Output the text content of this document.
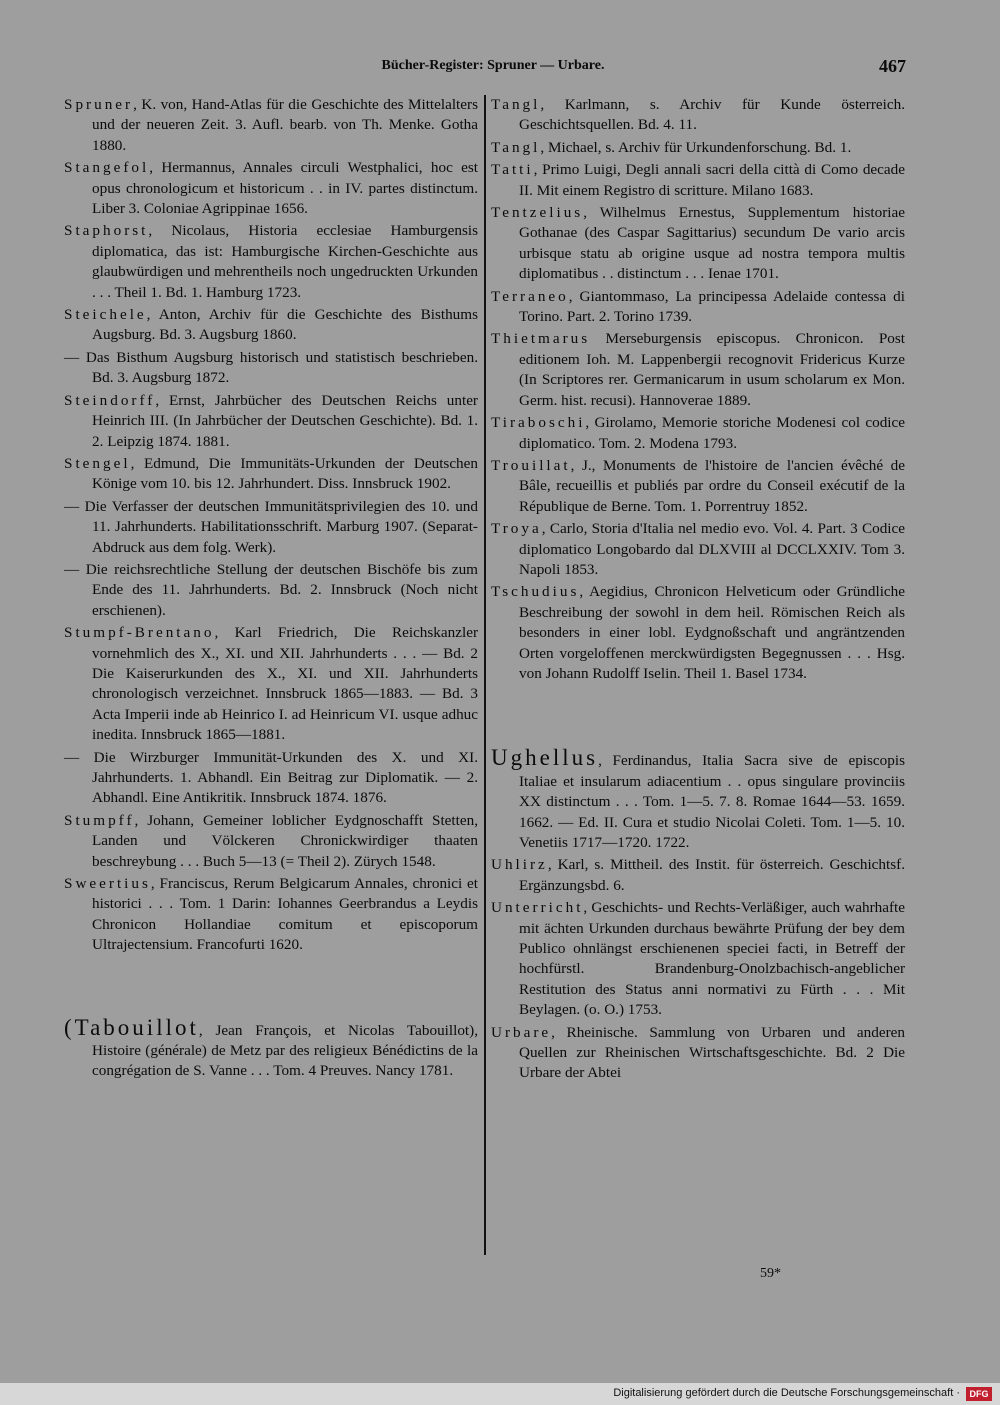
Bücher-Register: Spruner — Urbare.	467

Spruner, K. von, Hand-Atlas für die Geschichte des Mittelalters und der neueren Zeit. 3. Aufl. bearb. von Th. Menke. Gotha 1880.

Stangefol, Hermannus, Annales circuli Westphalici, hoc est opus chronologicum et historicum . . in IV. partes distinctum. Liber 3. Coloniae Agrippinae 1656.

Staphorst, Nicolaus, Historia ecclesiae Hamburgensis diplomatica, das ist: Hamburgische Kirchen-Geschichte aus glaubwürdigen und mehrentheils noch ungedruckten Urkunden . . . Theil 1. Bd. 1. Hamburg 1723.

Steichele, Anton, Archiv für die Geschichte des Bisthums Augsburg. Bd. 3. Augsburg 1860.

— Das Bisthum Augsburg historisch und statistisch beschrieben. Bd. 3. Augsburg 1872.

Steindorff, Ernst, Jahrbücher des Deutschen Reichs unter Heinrich III. (In Jahrbücher der Deutschen Geschichte). Bd. 1. 2. Leipzig 1874. 1881.

Stengel, Edmund, Die Immunitäts-Urkunden der Deutschen Könige vom 10. bis 12. Jahrhundert. Diss. Innsbruck 1902.

— Die Verfasser der deutschen Immunitätsprivilegien des 10. und 11. Jahrhunderts. Habilitationsschrift. Marburg 1907. (Separat-Abdruck aus dem folg. Werk).

— Die reichsrechtliche Stellung der deutschen Bischöfe bis zum Ende des 11. Jahrhunderts. Bd. 2. Innsbruck (Noch nicht erschienen).

Stumpf-Brentano, Karl Friedrich, Die Reichskanzler vornehmlich des X., XI. und XII. Jahrhunderts . . . — Bd. 2 Die Kaiserurkunden des X., XI. und XII. Jahrhunderts chronologisch verzeichnet. Innsbruck 1865—1883. — Bd. 3 Acta Imperii inde ab Heinrico I. ad Heinricum VI. usque adhuc inedita. Innsbruck 1865—1881.

— Die Wirzburger Immunität-Urkunden des X. und XI. Jahrhunderts. 1. Abhandl. Ein Beitrag zur Diplomatik. — 2. Abhandl. Eine Antikritik. Innsbruck 1874. 1876.

Stumpff, Johann, Gemeiner loblicher Eydgnoschafft Stetten, Landen und Völckeren Chronickwirdiger thaaten beschreybung . . . Buch 5—13 (= Theil 2). Zürych 1548.

Sweertius, Franciscus, Rerum Belgicarum Annales, chronici et historici . . . Tom. 1 Darin: Iohannes Geerbrandus a Leydis Chronicon Hollandiae comitum et episcoporum Ultrajectensium. Francofurti 1620.

(Tabouillot, Jean François, et Nicolas Tabouillot), Histoire (générale) de Metz par des religieux Bénédictins de la congrégation de S. Vanne . . . Tom. 4 Preuves. Nancy 1781.

Tangl, Karlmann, s. Archiv für Kunde österreich. Geschichtsquellen. Bd. 4. 11.

Tangl, Michael, s. Archiv für Urkundenforschung. Bd. 1.

Tatti, Primo Luigi, Degli annali sacri della città di Como decade II. Mit einem Registro di scritture. Milano 1683.

Tentzelius, Wilhelmus Ernestus, Supplementum historiae Gothanae (des Caspar Sagittarius) secundum De vario arcis urbisque statu ab origine usque ad nostra tempora multis diplomatibus . . distinctum . . . Ienae 1701.

Terraneo, Giantommaso, La principessa Adelaide contessa di Torino. Part. 2. Torino 1739.

Thietmarus Merseburgensis episcopus. Chronicon. Post editionem Ioh. M. Lappenbergii recognovit Fridericus Kurze (In Scriptores rer. Germanicarum in usum scholarum ex Mon. Germ. hist. recusi). Hannoverae 1889.

Tiraboschi, Girolamo, Memorie storiche Modenesi col codice diplomatico. Tom. 2. Modena 1793.

Trouillat, J., Monuments de l'histoire de l'ancien évêché de Bâle, recueillis et publiés par ordre du Conseil exécutif de la République de Berne. Tom. 1. Porrentruy 1852.

Troya, Carlo, Storia d'Italia nel medio evo. Vol. 4. Part. 3 Codice diplomatico Longobardo dal DLXVIII al DCCLXXIV. Tom 3. Napoli 1853.

Tschudius, Aegidius, Chronicon Helveticum oder Gründliche Beschreibung der sowohl in dem heil. Römischen Reich als besonders in einer lobl. Eydgnoßschaft und angräntzenden Orten vorgeloffenen merckwürdigsten Begegnussen . . . Hsg. von Johann Rudolff Iselin. Theil 1. Basel 1734.

Ughellus, Ferdinandus, Italia Sacra sive de episcopis Italiae et insularum adiacentium . . opus singulare provinciis XX distinctum . . . Tom. 1—5. 7. 8. Romae 1644—53. 1659. 1662. — Ed. II. Cura et studio Nicolai Coleti. Tom. 1—5. 10. Venetiis 1717—1720. 1722.

Uhlirz, Karl, s. Mittheil. des Instit. für österreich. Geschichtsf. Ergänzungsbd. 6.

Unterricht, Geschichts- und Rechts-Verläßiger, auch wahrhafte mit ächten Urkunden durchaus bewährte Prüfung der bey dem Publico ohnlängst erschienenen speciei facti, in Betreff der hochfürstl. Brandenburg-Onolzbachisch-angeblicher Restitution des Status anni normativi zu Fürth . . . Mit Beylagen. (o. O.) 1753.

Urbare, Rheinische. Sammlung von Urbaren und anderen Quellen zur Rheinischen Wirtschaftsgeschichte. Bd. 2 Die Urbare der Abtei

59*
Digitalisierung gefördert durch die Deutsche Forschungsgemeinschaft ·	DFG
